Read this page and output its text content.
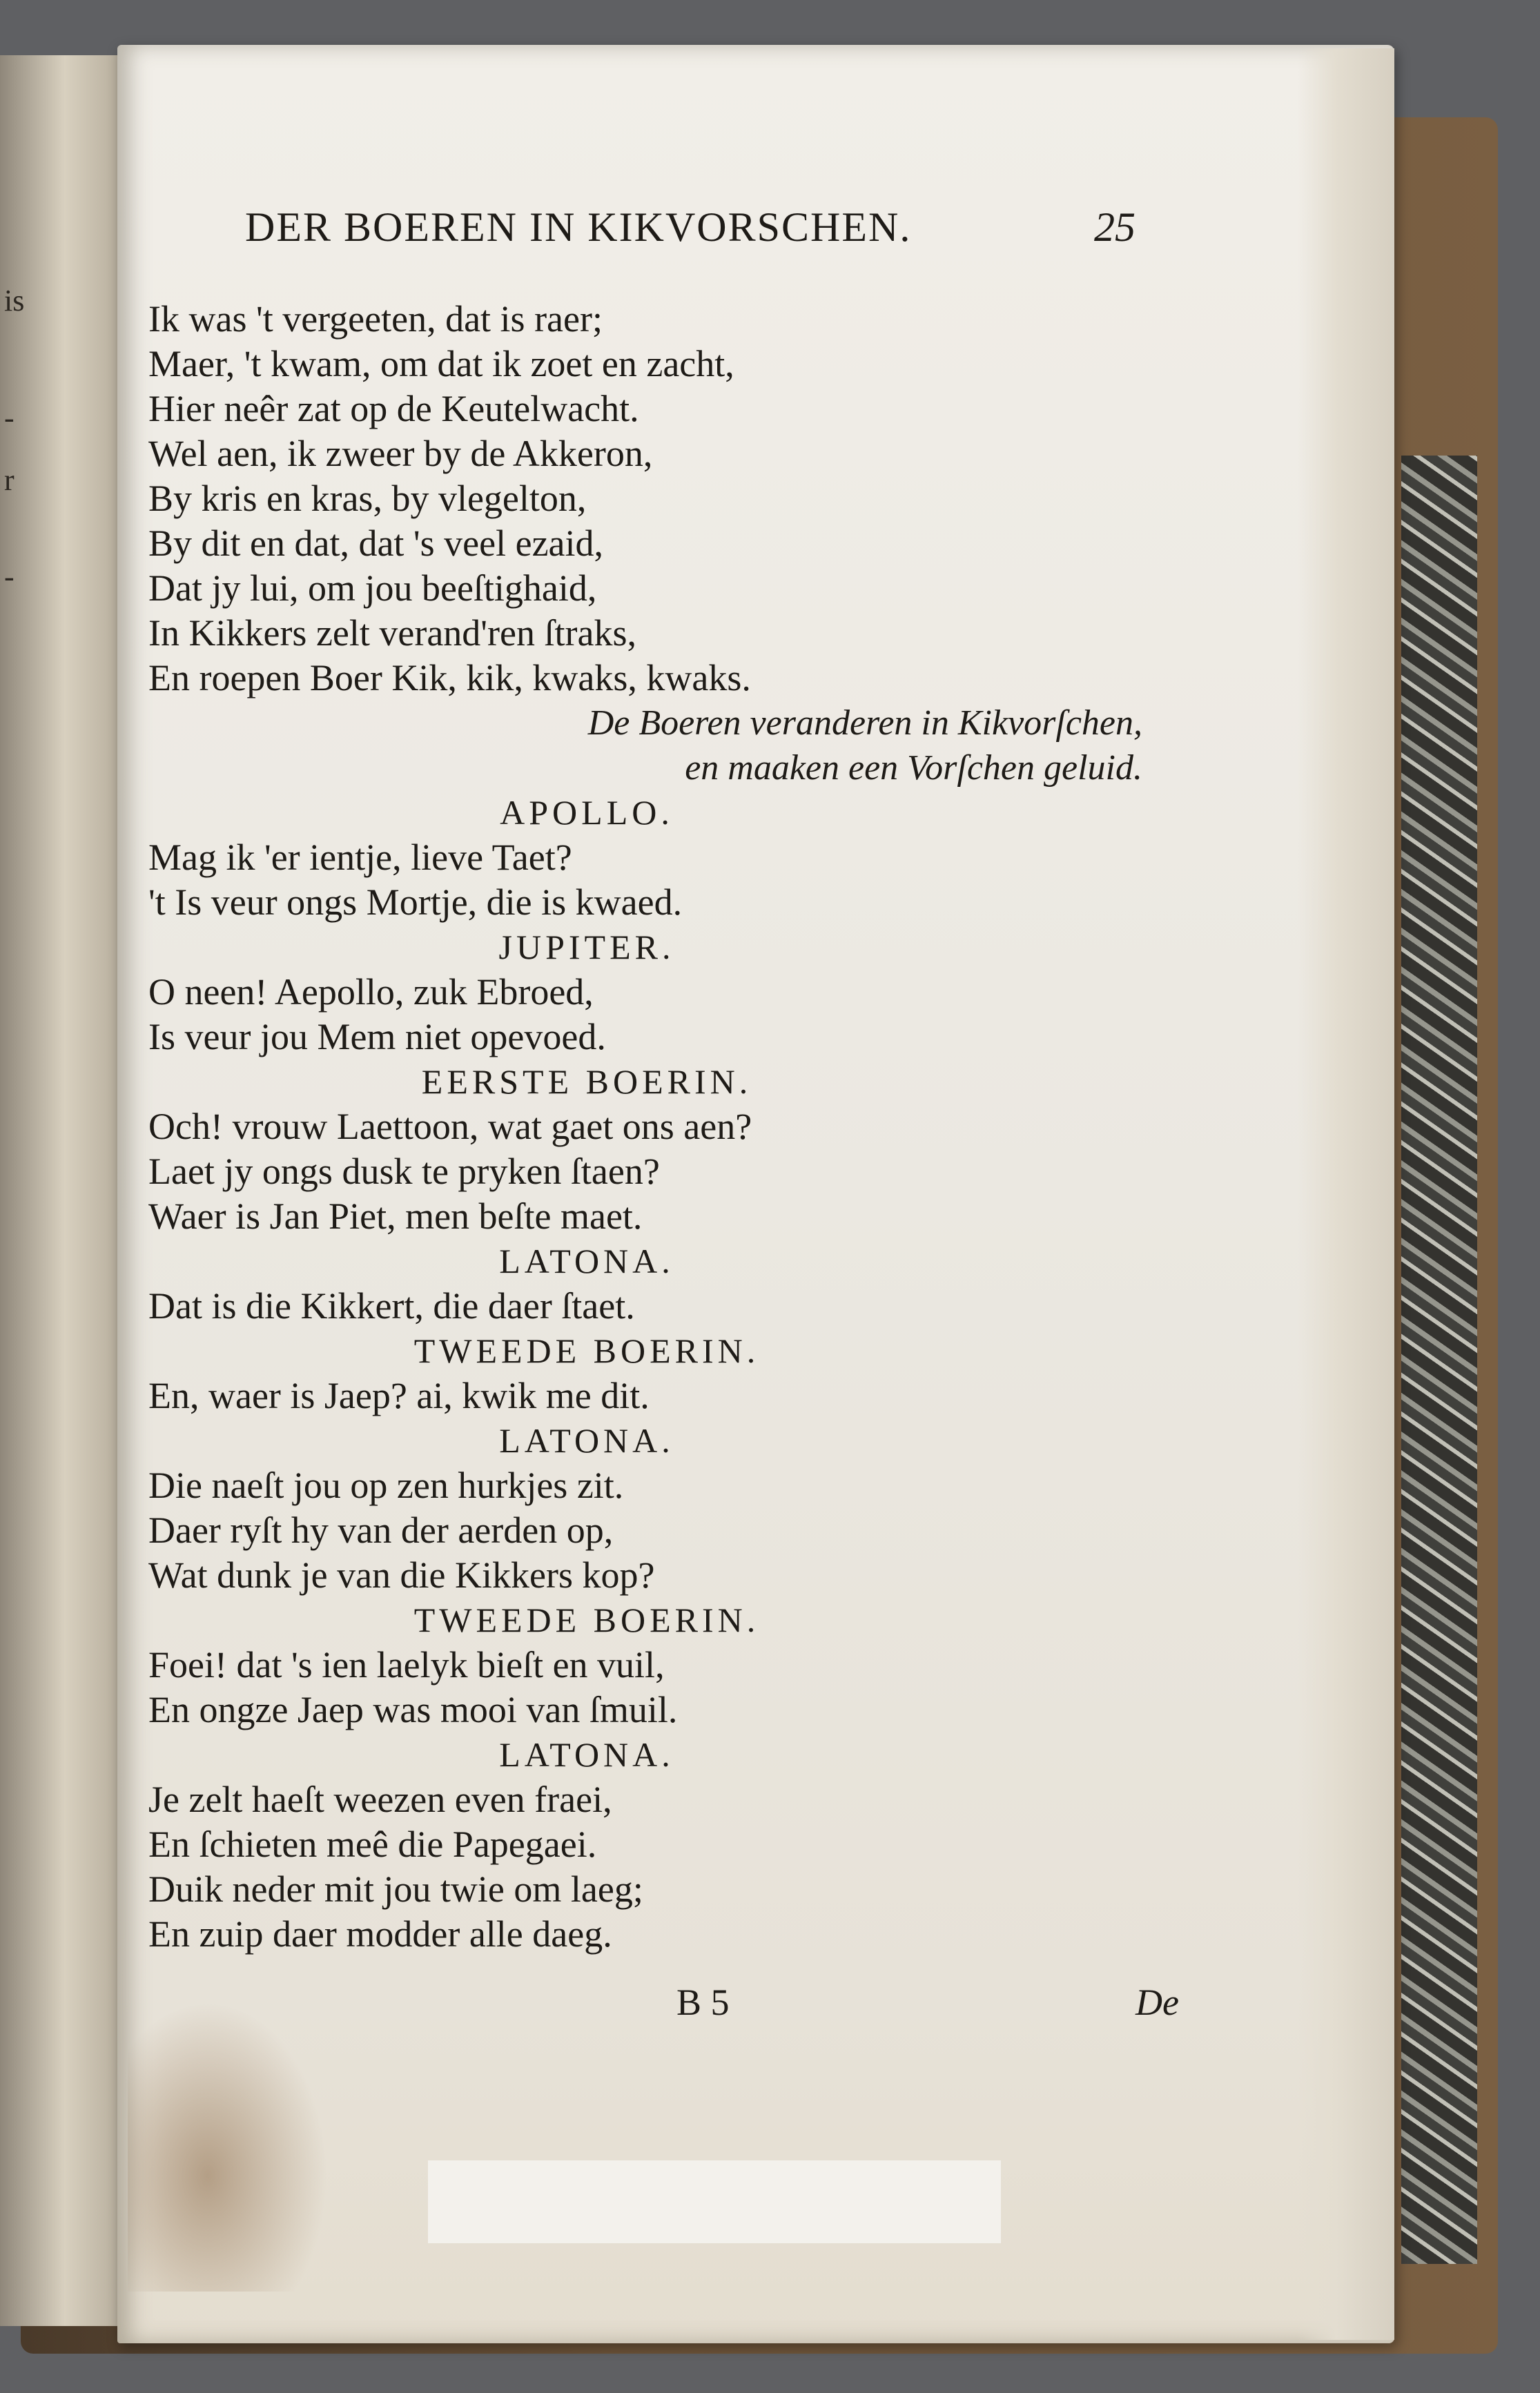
is
-
r
-
DER BOEREN IN KIKVORSCHEN.	25
Ik was 't vergeeten, dat is raer;
Maer, 't kwam, om dat ik zoet en zacht,
Hier neêr zat op de Keutelwacht.
Wel aen, ik zweer by de Akkeron,
By kris en kras, by vlegelton,
By dit en dat, dat 's veel ezaid,
Dat jy lui, om jou beeſtighaid,
In Kikkers zelt verand'ren ſtraks,
En roepen Boer Kik, kik, kwaks, kwaks.
De Boeren veranderen in Kikvorſchen,
en maaken een Vorſchen geluid.
APOLLO.
Mag ik 'er ientje, lieve Taet?
't Is veur ongs Mortje, die is kwaed.
JUPITER.
O neen! Aepollo, zuk Ebroed,
Is veur jou Mem niet opevoed.
EERSTE BOERIN.
Och! vrouw Laettoon, wat gaet ons aen?
Laet jy ongs dusk te pryken ſtaen?
Waer is Jan Piet, men beſte maet.
LATONA.
Dat is die Kikkert, die daer ſtaet.
TWEEDE BOERIN.
En, waer is Jaep? ai, kwik me dit.
LATONA.
Die naeſt jou op zen hurkjes zit.
Daer ryſt hy van der aerden op,
Wat dunk je van die Kikkers kop?
TWEEDE BOERIN.
Foei! dat 's ien laelyk bieſt en vuil,
En ongze Jaep was mooi van ſmuil.
LATONA.
Je zelt haeſt weezen even fraei,
En ſchieten meê die Papegaei.
Duik neder mit jou twie om laeg;
En zuip daer modder alle daeg.
B 5	De
